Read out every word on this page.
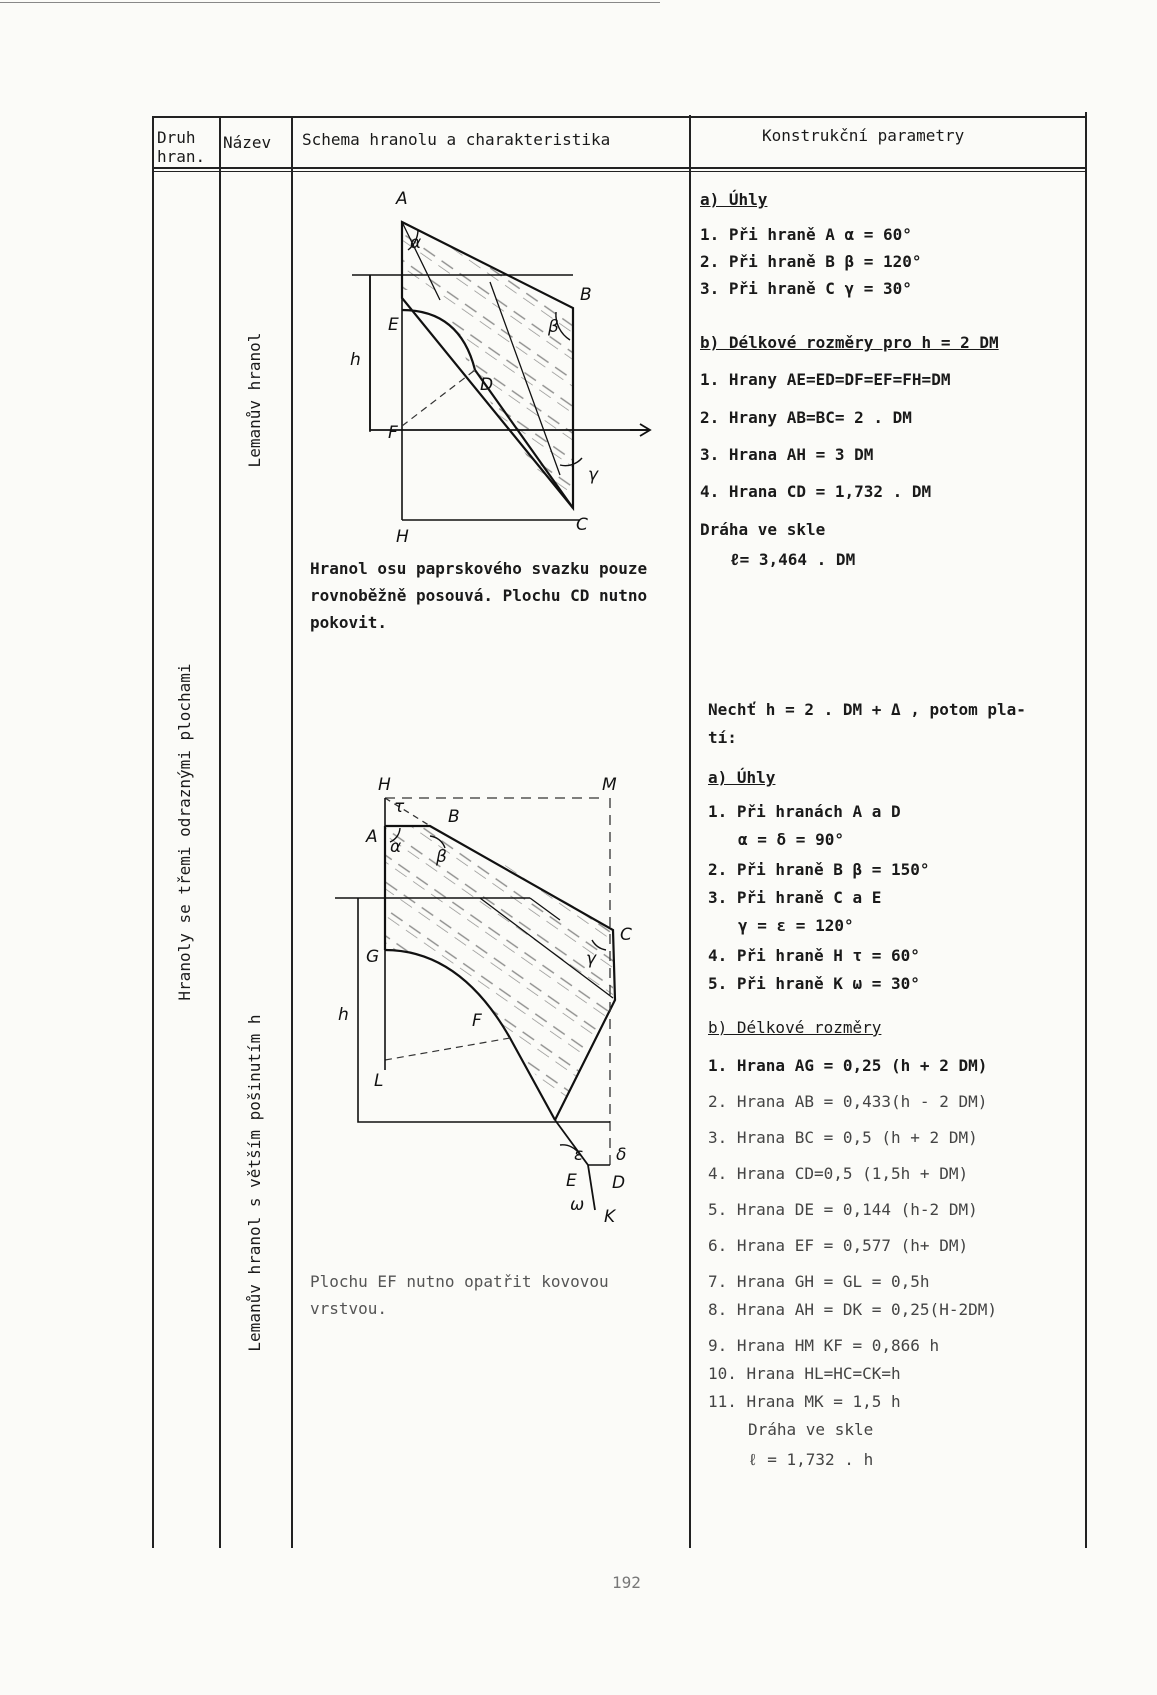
Druh hran.
Název Schema hranolu a charakteristika	Konstrukční parametry
Hranoly se třemi odraznými plochami
Lemanův hranol
Lemanův hranol s větším pošinutím h
A
B
C
D
E
F
H
h
α
β
γ
Hranol osu paprskového svazku pouze rovnoběžně posouvá. Plochu CD nutno pokovit.
H	M
A
B
C
G
F
L
E D
K
h
α β
γ
τ
δ
ε
ω
Plochu EF nutno opatřit kovovou vrstvou.
a) Úhly
1. Při hraně A α = 60°
2. Při hraně B β = 120°
3. Při hraně C γ = 30°
b) Délkové rozměry pro h = 2 DM
1. Hrany AE=ED=DF=EF=FH=DM
2. Hrany AB=BC= 2 . DM
3. Hrana AH = 3 DM
4. Hrana CD = 1,732 . DM
Dráha ve skle
ℓ= 3,464 . DM
Nechť h = 2 . DM + Δ , potom pla-
tí:
a) Úhly
1. Při hranách A a D
α = δ = 90°
2. Při hraně B β = 150°
3. Při hraně C a E
γ = ε = 120°
4. Při hraně H τ = 60°
5. Při hraně K ω = 30°
b) Délkové rozměry
1. Hrana AG = 0,25 (h + 2 DM)
2. Hrana AB = 0,433(h - 2 DM)
3. Hrana BC = 0,5 (h + 2 DM)
4. Hrana CD=0,5 (1,5h + DM)
5. Hrana DE = 0,144 (h-2 DM)
6. Hrana EF = 0,577 (h+ DM)
7. Hrana GH = GL = 0,5h
8. Hrana AH = DK = 0,25(H-2DM)
9. Hrana HM KF = 0,866 h
10. Hrana HL=HC=CK=h
11. Hrana MK = 1,5 h
Dráha ve skle
ℓ = 1,732 . h
192
